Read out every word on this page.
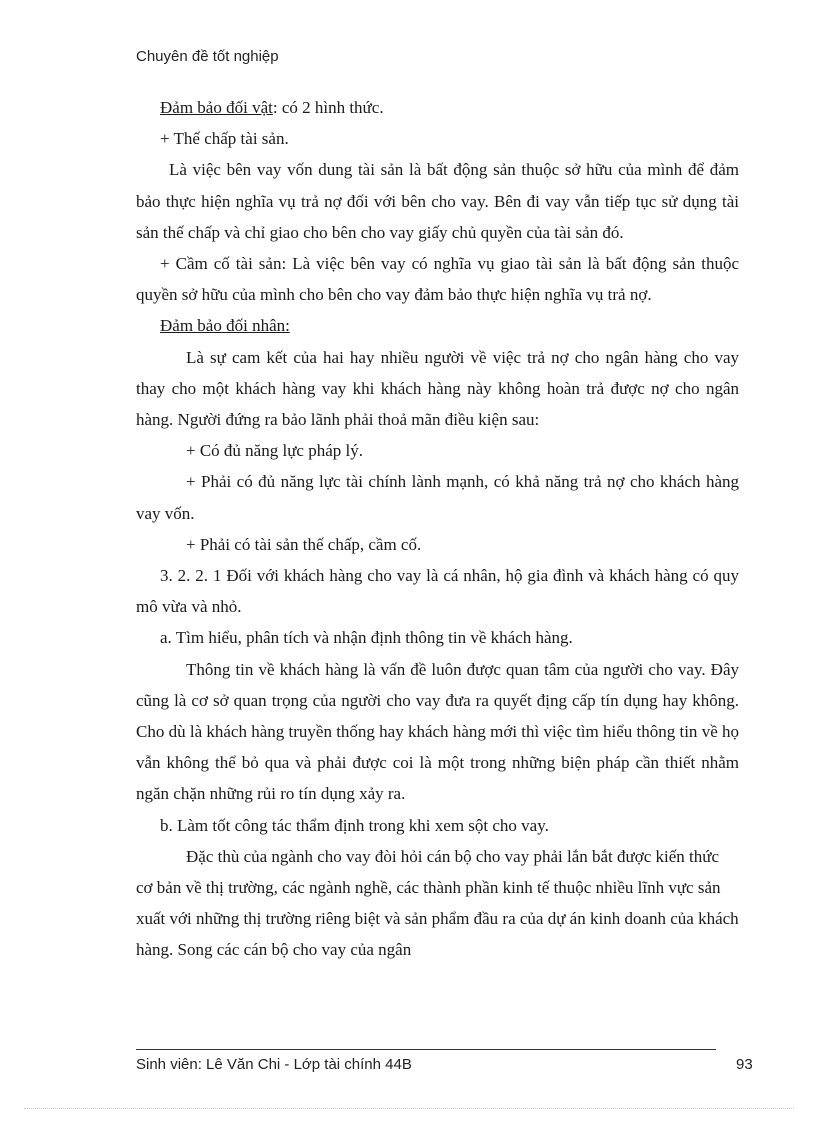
Chuyên đề tốt nghiệp

Đảm bảo đối vật: có 2 hình thức.

+ Thế chấp tài sản.

Là việc bên vay vốn dung tài sản là bất động sản thuộc sở hữu của mình để đảm bảo thực hiện nghĩa vụ trả nợ đối với bên cho vay. Bên đi vay vẫn tiếp tục sử dụng tài sản thế chấp và chỉ giao cho bên cho vay giấy chủ quyền của tài sản đó.

+ Cầm cố tài sản: Là việc bên vay có nghĩa vụ giao tài sản là bất động sản thuộc quyền sở hữu của mình cho bên cho vay đảm bảo thực hiện nghĩa vụ trả nợ.

Đảm bảo đối nhân:

Là sự cam kết của hai hay nhiều người về việc trả nợ cho ngân hàng cho vay thay cho một khách hàng vay khi khách hàng này không hoàn trả được nợ cho ngân hàng. Người đứng ra bảo lãnh phải thoả mãn điều kiện sau:

+ Có đủ năng lực pháp lý.

+ Phải có đủ năng lực tài chính lành mạnh, có khả năng trả nợ cho khách hàng vay vốn.

+ Phải có tài sản thế chấp, cầm cố.

3. 2. 2. 1 Đối với khách hàng cho vay là cá nhân, hộ gia đình và khách hàng có quy mô vừa và nhỏ.

a. Tìm hiểu, phân tích và nhận định thông tin về khách hàng.

Thông tin về khách hàng là vấn đề luôn được quan tâm của người cho vay. Đây cũng là cơ sở quan trọng của người cho vay đưa ra quyết địng cấp tín dụng hay không. Cho dù là khách hàng truyền thống hay khách hàng mới thì việc tìm hiểu thông tin về họ vẫn không thể bỏ qua và phải được coi là một trong những biện pháp cần thiết nhằm ngăn chặn những rủi ro tín dụng xảy ra.

b. Làm tốt công tác thẩm định trong khi xem sột cho vay.

Đặc thù của ngành cho vay đòi hỏi cán bộ cho vay phải lắn bắt được kiến thức cơ bản về thị trường, các ngành nghề, các thành phần kinh tế thuộc nhiều lĩnh vực sản xuất với những thị trường riêng biệt và sản phẩm đầu ra của dự án kinh doanh của khách hàng. Song các cán bộ cho vay của ngân

Sinh viên: Lê Văn Chi - Lớp tài chính 44B	93
